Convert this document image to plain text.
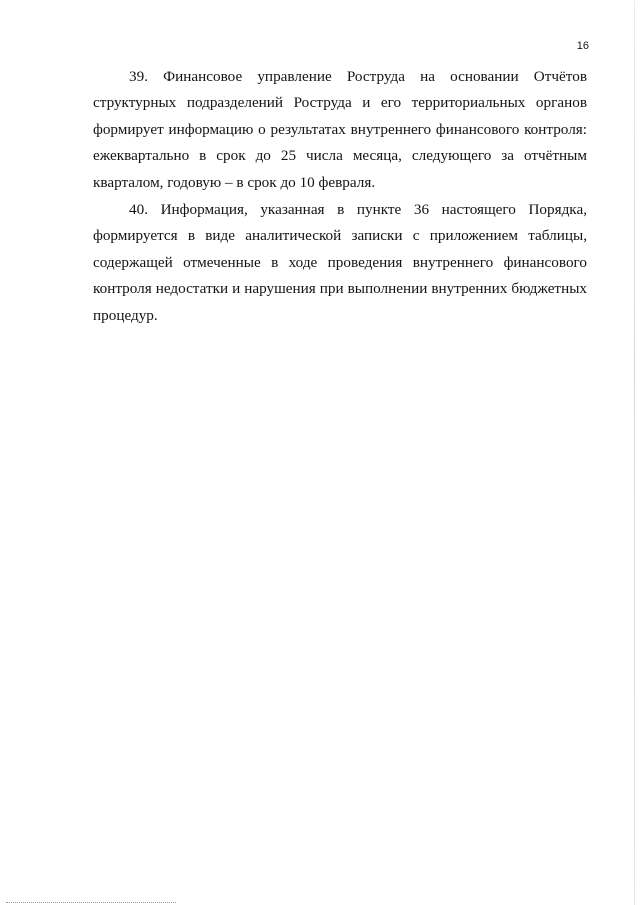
16

39. Финансовое управление Роструда на основании Отчётов структурных подразделений Роструда и его территориальных органов формирует информацию о результатах внутреннего финансового контроля: ежеквартально в срок до 25 числа месяца, следующего за отчётным кварталом, годовую – в срок до 10 февраля.

40. Информация, указанная в пункте 36 настоящего Порядка, формируется в виде аналитической записки с приложением таблицы, содержащей отмеченные в ходе проведения внутреннего финансового контроля недостатки и нарушения при выполнении внутренних бюджетных процедур.
